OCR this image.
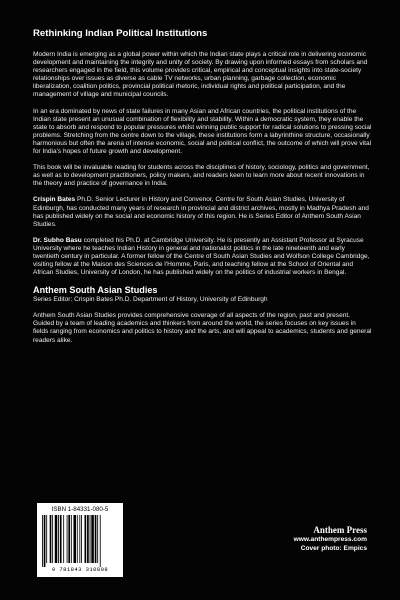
Rethinking Indian Political Institutions

Modern India is emerging as a global power within which the Indian state plays a critical role in delivering economic development and maintaining the integrity and unity of society. By drawing upon informed essays from scholars and researchers engaged in the field, this volume provides critical, empirical and conceptual insights into state-society relationships over issues as diverse as cable TV networks, urban planning, garbage collection, economic liberalization, coalition politics, provincial political rhetoric, individual rights and political participation, and the management of village and municipal councils.

In an era dominated by news of state failures in many Asian and African countries, the political institutions of the Indian state present an unusual combination of flexibility and stability. Within a democratic system, they enable the state to absorb and respond to popular pressures whilst winning public support for radical solutions to pressing social problems. Stretching from the centre down to the village, these institutions form a labyrinthine structure, occasionally harmonious but often the arena of intense economic, social and political conflict, the outcome of which will prove vital for India's hopes of future growth and development.

This book will be invaluable reading for students across the disciplines of history, sociology, politics and government, as well as to development practitioners, policy makers, and readers keen to learn more about recent innovations in the theory and practice of governance in India.

Crispin Bates Ph.D. Senior Lecturer in History and Convenor, Centre for South Asian Studies, University of Edinburgh, has conducted many years of research in provincial and district archives, mostly in Madhya Pradesh and has published widely on the social and economic history of this region. He is Series Editor of Anthem South Asian Studies.

Dr. Subho Basu completed his Ph.D. at Cambridge University. He is presently an Assistant Professor at Syracuse University where he teaches Indian History in general and nationalist politics in the late nineteenth and early twentieth century in particular. A former fellow of the Centre of South Asian Studies and Wolfson College Cambridge, visiting fellow at the Maison des Sciences de l'Homme, Paris, and teaching fellow at the School of Oriental and African Studies, University of London, he has published widely on the politics of industrial workers in Bengal.

Anthem South Asian Studies
Series Editor: Crispin Bates Ph.D. Department of History, University of Edinburgh

Anthem South Asian Studies provides comprehensive coverage of all aspects of the region, past and present. Guided by a team of leading academics and thinkers from around the world, the series focuses on key issues in fields ranging from economics and politics to history and the arts, and will appeal to academics, students and general readers alike.

ISBN 1-84331-080-5
9 781843 310808
Anthem Press
www.anthempress.com
Cover photo: Empics
